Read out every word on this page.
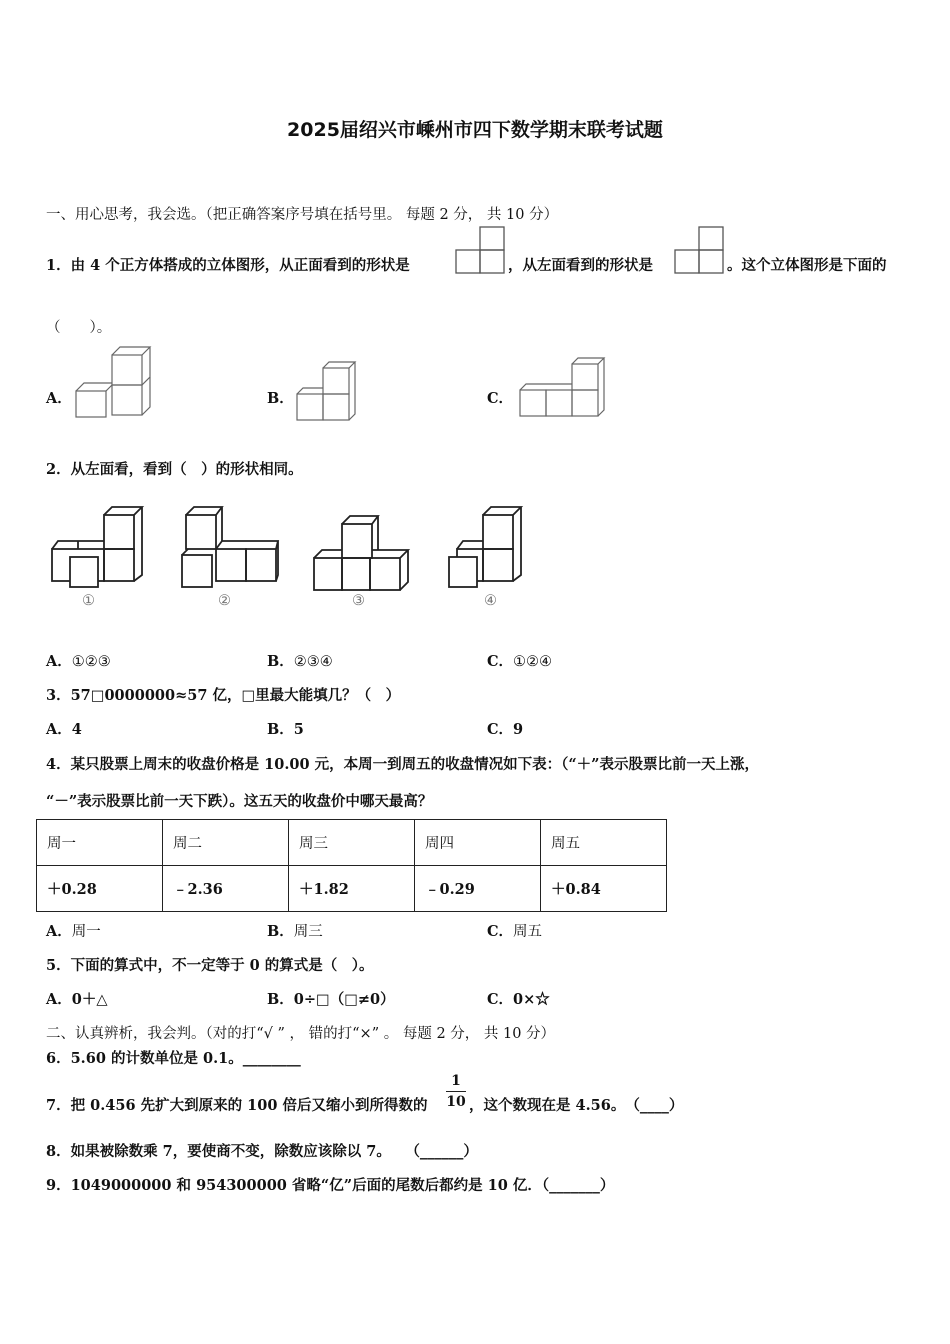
2025届绍兴市嵊州市四下数学期末联考试题
一、用心思考，我会选。（把正确答案序号填在括号里。 每题 2 分， 共 10 分）
1．由 4 个正方体搭成的立体图形，从正面看到的形状是	，从左面看到的形状是	。这个立体图形是下面的
（　　）。
A．	B．	C．
2．从左面看，看到（　）的形状相同。
①	②	③	④
A．①②③	B．②③④	C．①②④
3．57□0000000≈57 亿，□里最大能填几？（　）
A．4	B．5	C．9
4．某只股票上周末的收盘价格是 10.00 元，本周一到周五的收盘情况如下表：（“＋”表示股票比前一天上涨，
“－”表示股票比前一天下跌）。这五天的收盘价中哪天最高？
周一	周二	周三	周四	周五
＋0.28	﹣2.36	＋1.82	﹣0.29	＋0.84
A．周一	B．周三	C．周五
5．下面的算式中，不一定等于 0 的算式是（　）。
A．0＋△	B．0÷□（□≠0）	C．0×☆
二、认真辨析，我会判。（对的打“√ ” ， 错的打“×” 。 每题 2 分， 共 10 分）
6．5.60 的计数单位是 0.1。________
7．把 0.456 先扩大到原来的 100 倍后又缩小到所得数的
1
10 ，这个数现在是 4.56。　（____）
8．如果被除数乘 7，要使商不变，除数应该除以 7。　　（______）
9．1049000000 和 954300000 省略“亿”后面的尾数后都约是 10 亿．（_______）
